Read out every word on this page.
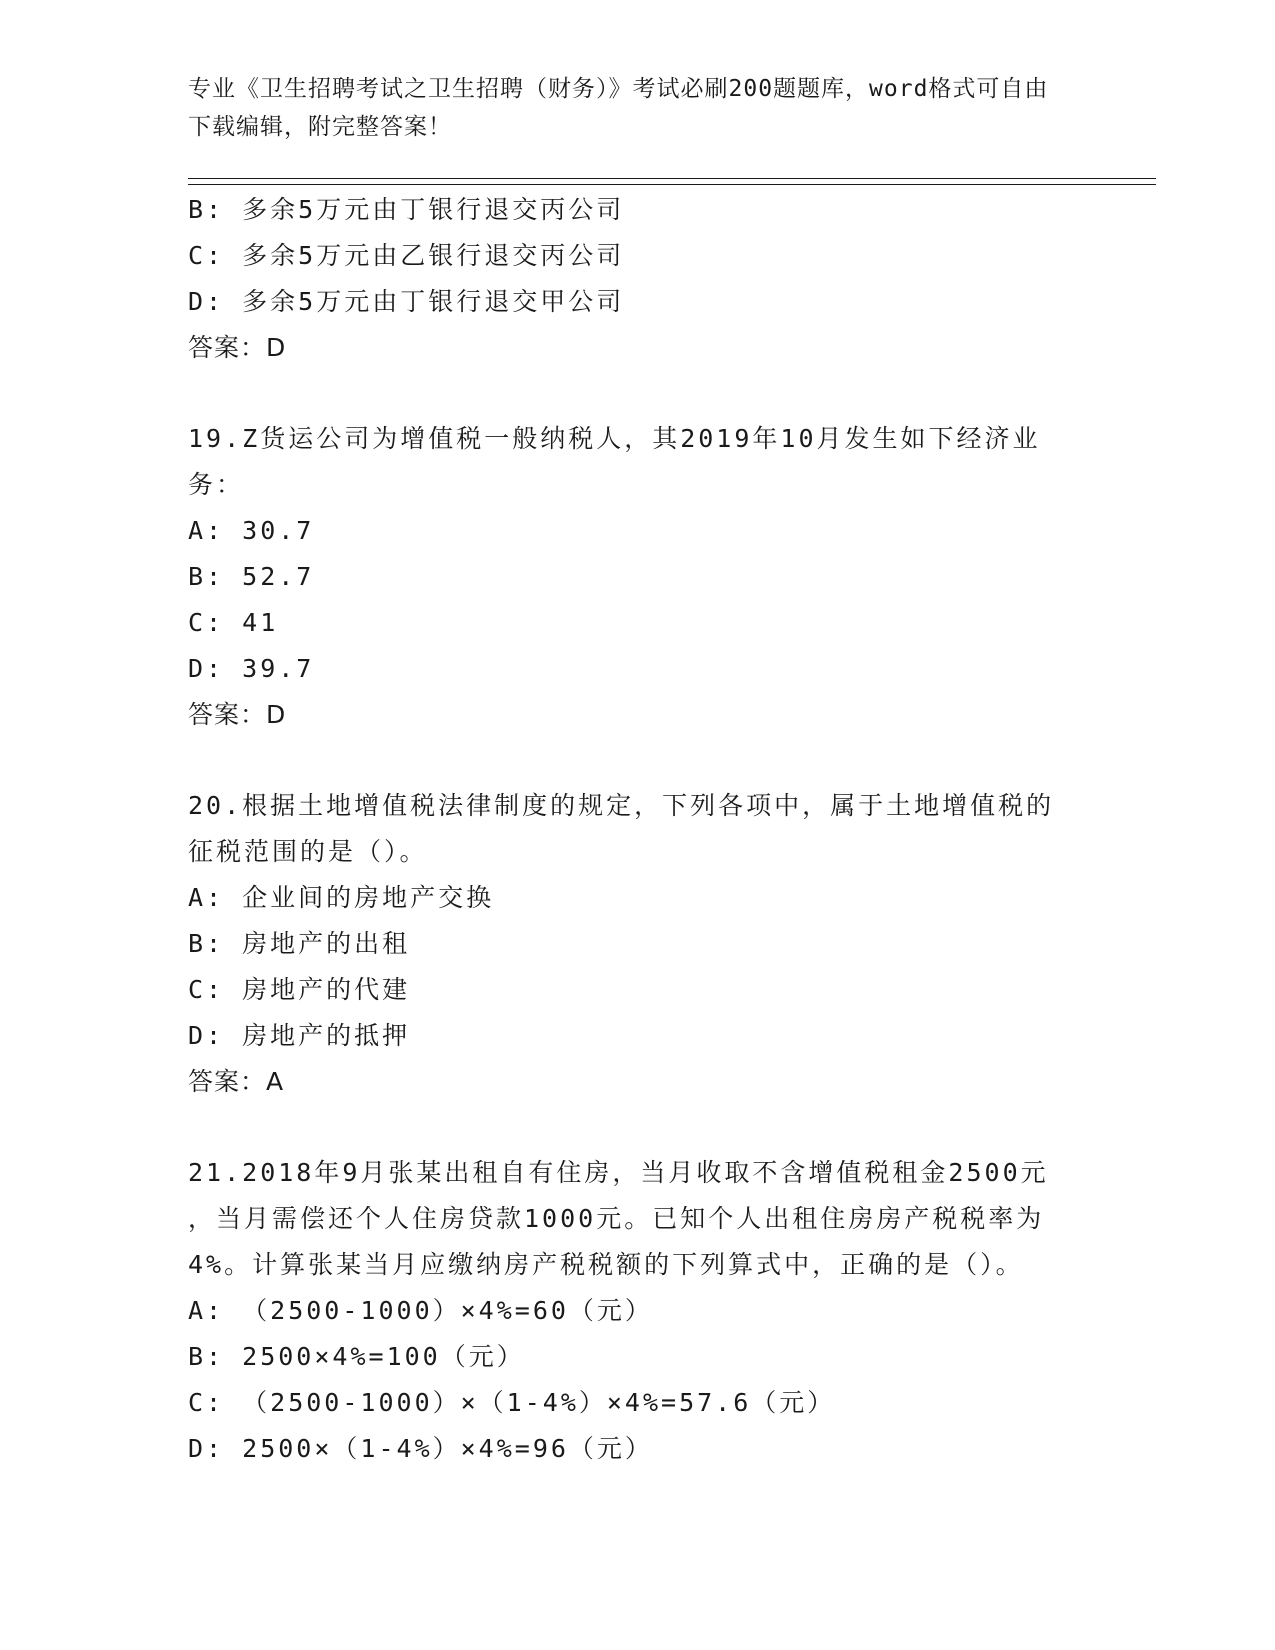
专业《卫生招聘考试之卫生招聘（财务）》考试必刷200题题库，word格式可自由下载编辑，附完整答案！
B: 多余5万元由丁银行退交丙公司
C: 多余5万元由乙银行退交丙公司
D: 多余5万元由丁银行退交甲公司
答案：D
19.Z货运公司为增值税一般纳税人，其2019年10月发生如下经济业
务：
A: 30.7
B: 52.7
C: 41
D: 39.7
答案：D
20.根据土地增值税法律制度的规定，下列各项中，属于土地增值税的
征税范围的是（）。
A: 企业间的房地产交换
B: 房地产的出租
C: 房地产的代建
D: 房地产的抵押
答案：A
21.2018年9月张某出租自有住房，当月收取不含增值税租金2500元
，当月需偿还个人住房贷款1000元。已知个人出租住房房产税税率为
4%。计算张某当月应缴纳房产税税额的下列算式中，正确的是（）。
A: （2500-1000）×4%=60（元）
B: 2500×4%=100（元）
C: （2500-1000）×（1-4%）×4%=57.6（元）
D: 2500×（1-4%）×4%=96（元）
